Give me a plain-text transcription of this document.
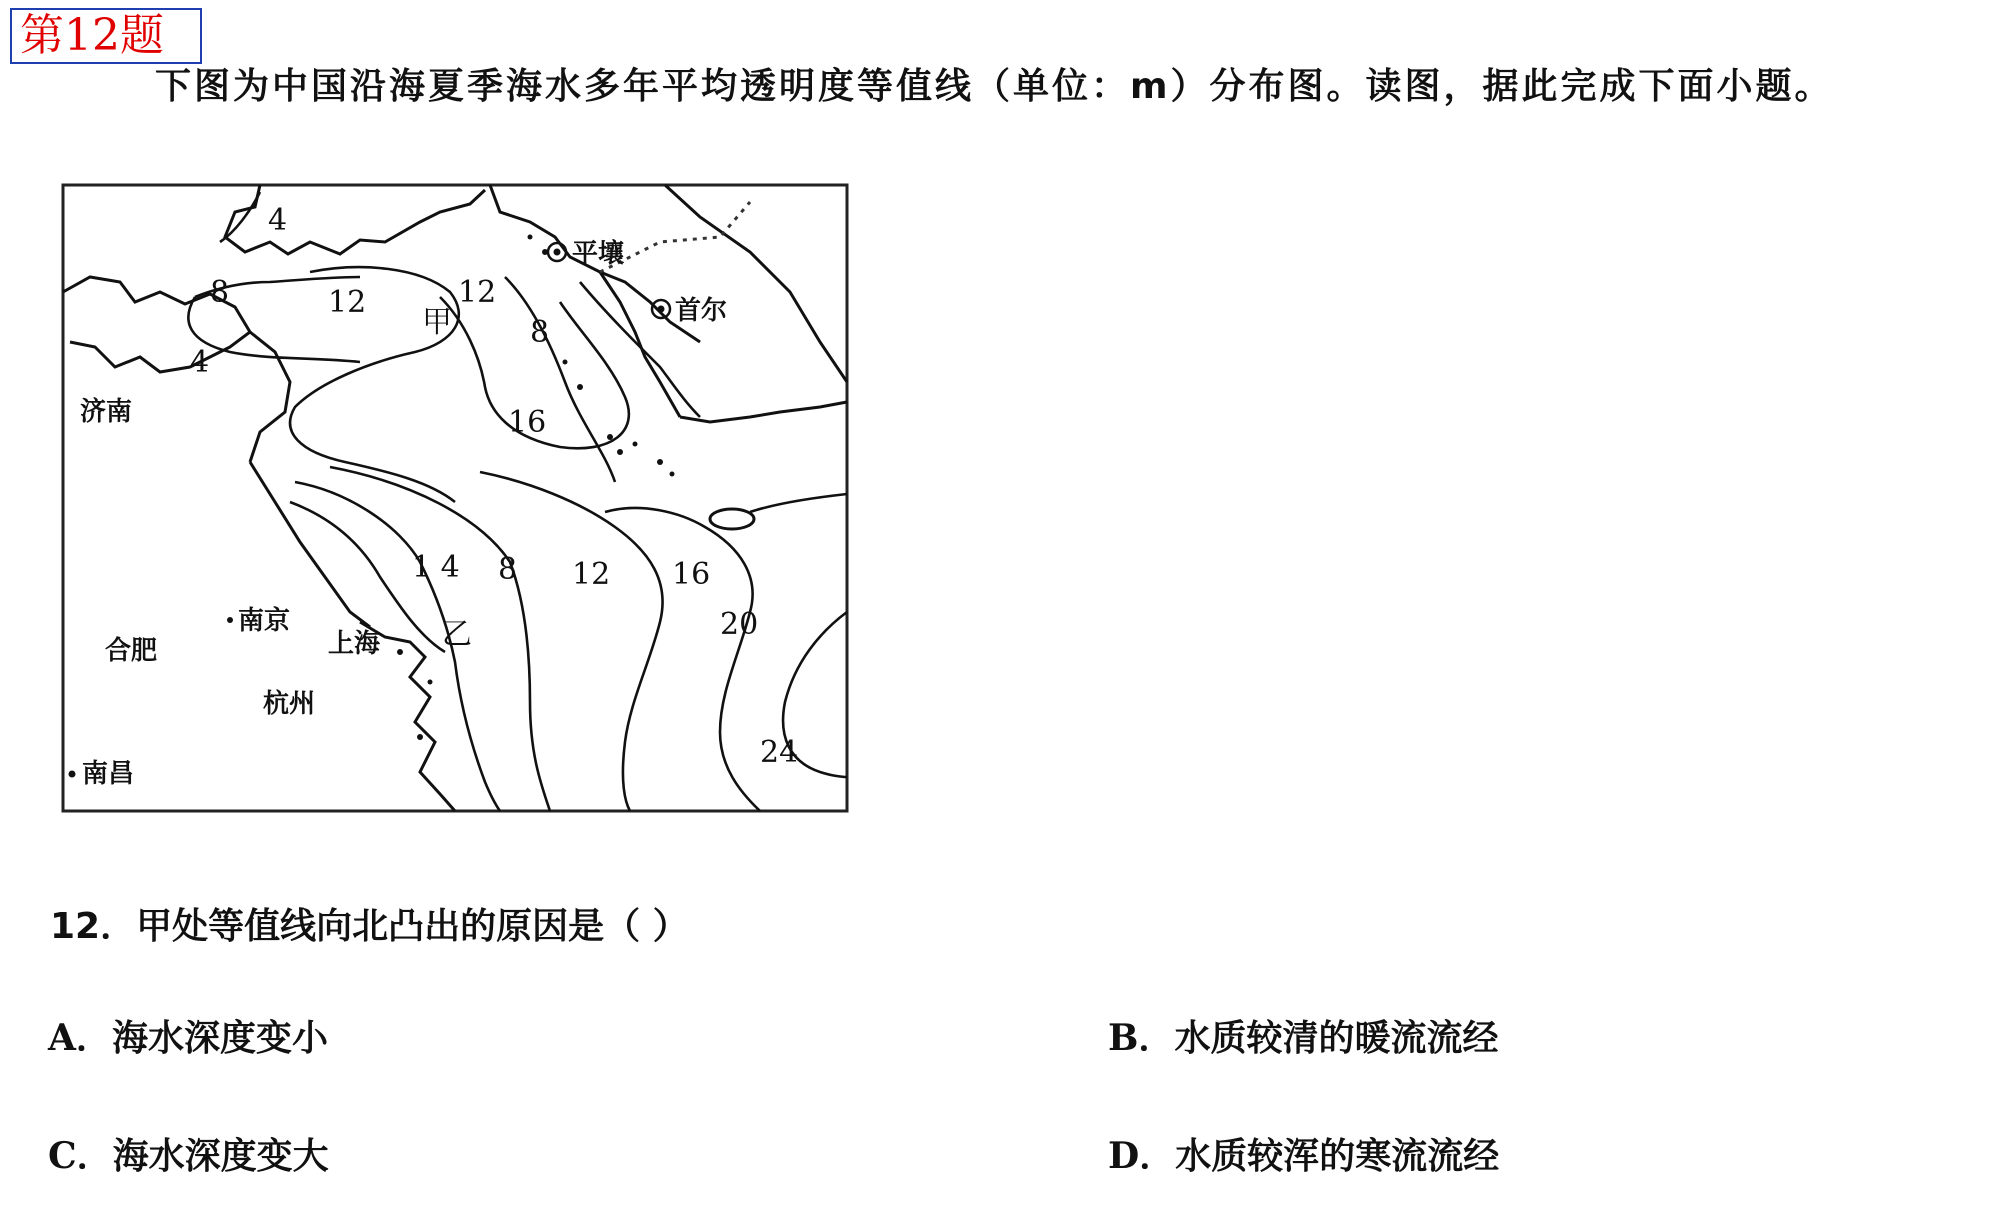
第12题
下图为中国沿海夏季海水多年平均透明度等值线（单位：m）分布图。读图，据此完成下面小题。
4
4
8	12	12
8
16
1 4 8 12 16
20
24
甲
乙
平壤
首尔
济南
南京
上海
合肥
杭州
南昌
12．甲处等值线向北凸出的原因是（ ）
A．海水深度变小	B．水质较清的暖流流经
C．海水深度变大	D．水质较浑的寒流流经
